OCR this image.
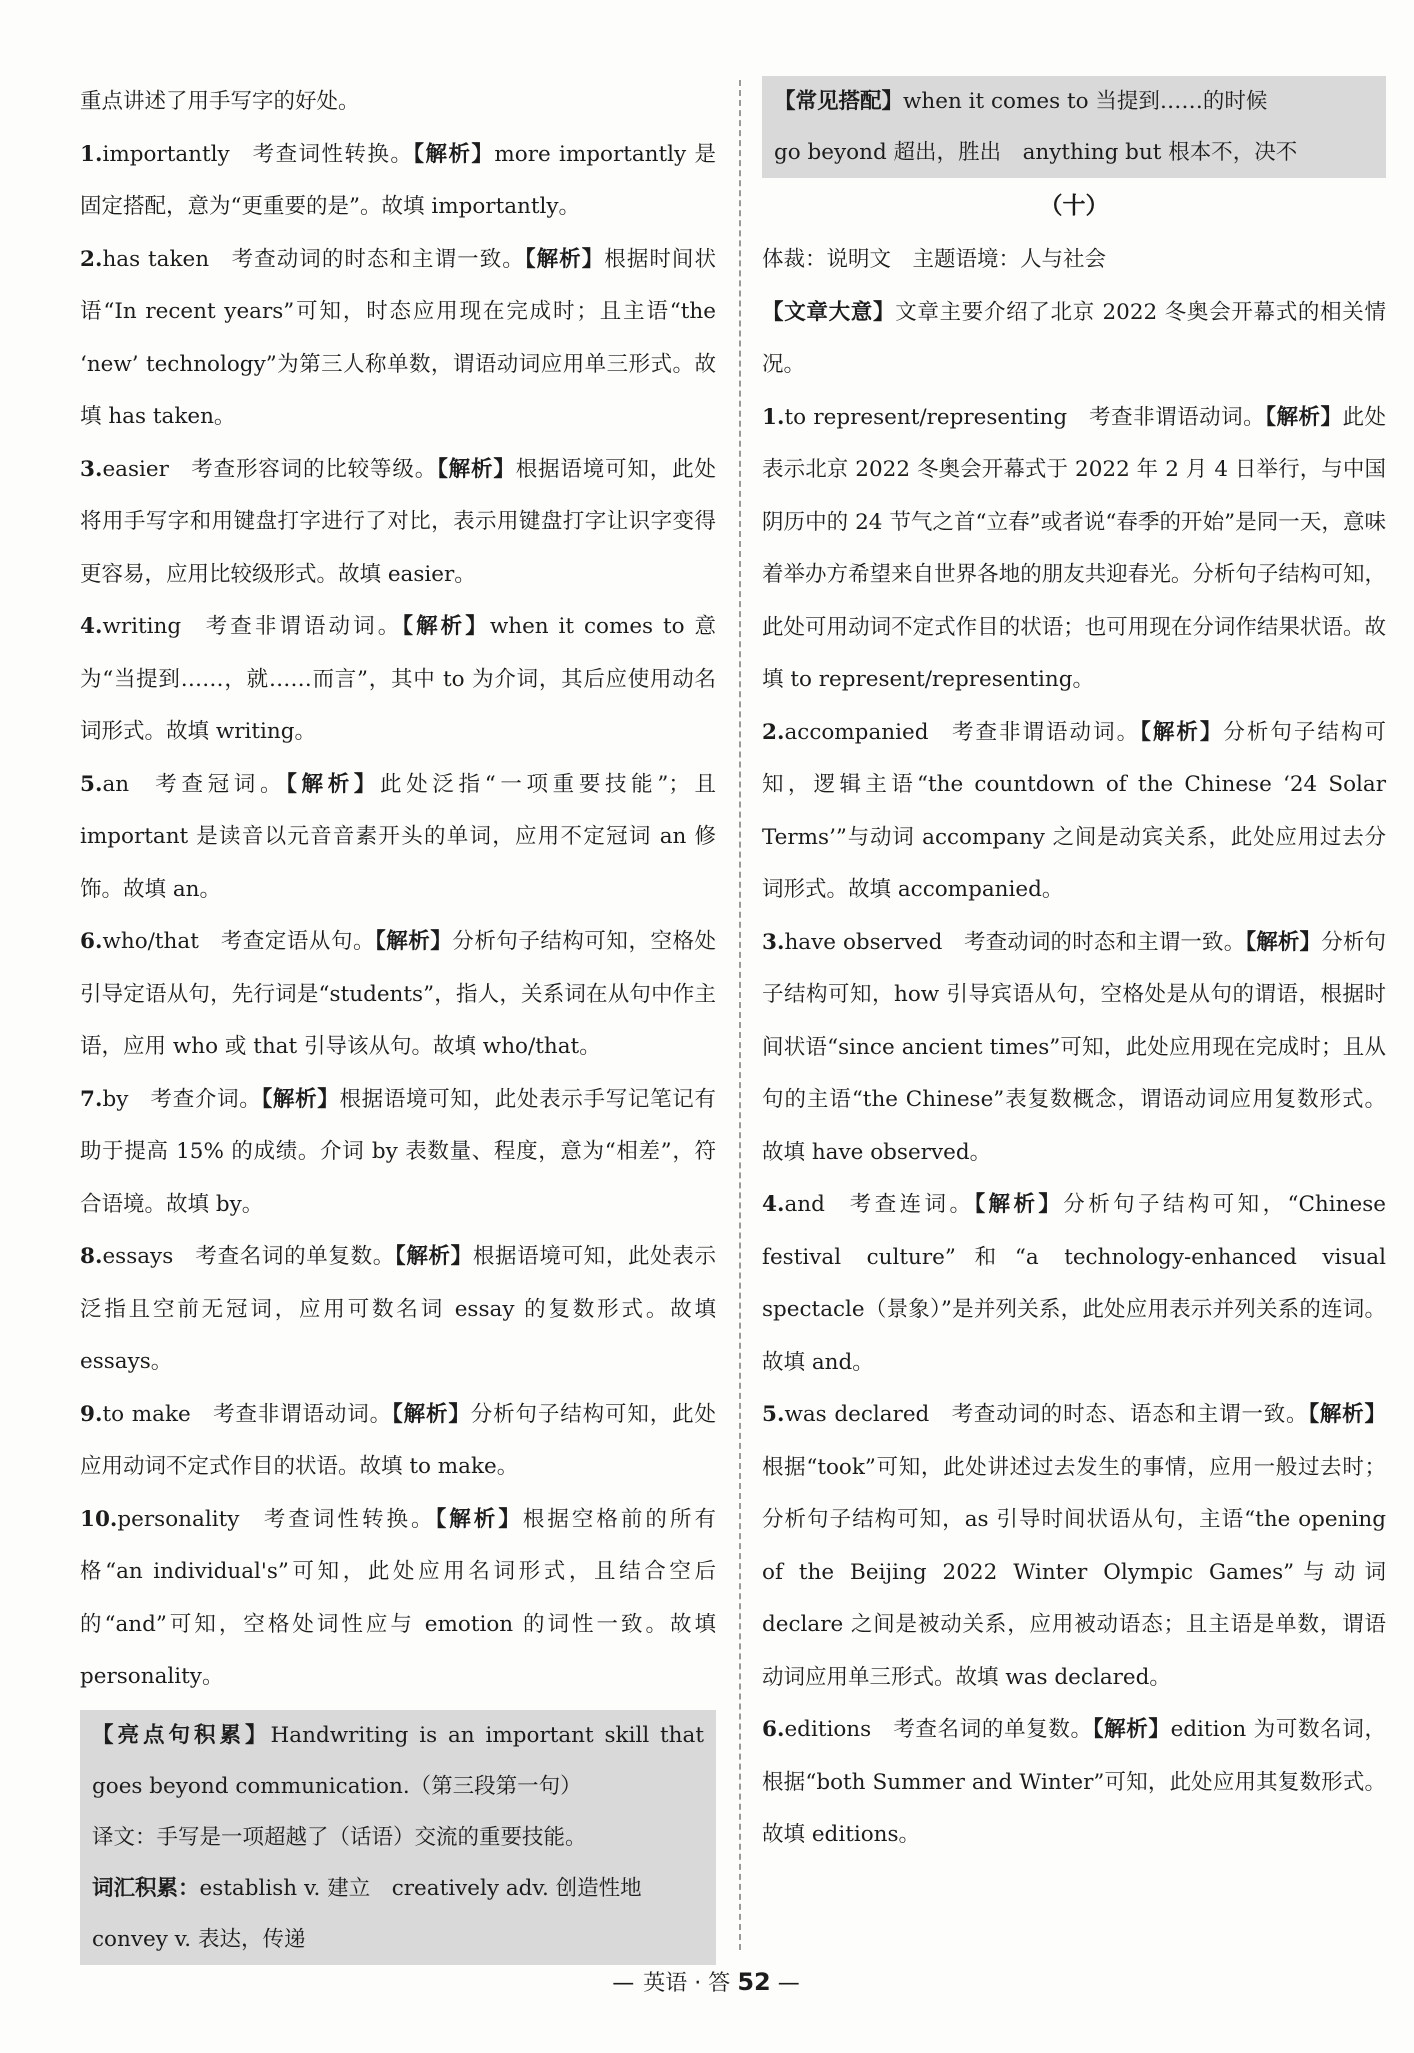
重点讲述了用手写字的好处。

1.importantly  考查词性转换。【解析】more importantly 是固定搭配，意为“更重要的是”。故填 importantly。

2.has taken  考查动词的时态和主谓一致。【解析】根据时间状语“In recent years”可知，时态应用现在完成时；且主语“the ‘new’ technology”为第三人称单数，谓语动词应用单三形式。故填 has taken。

3.easier  考查形容词的比较等级。【解析】根据语境可知，此处将用手写字和用键盘打字进行了对比，表示用键盘打字让识字变得更容易，应用比较级形式。故填 easier。

4.writing  考查非谓语动词。【解析】when it comes to 意为“当提到……，就……而言”，其中 to 为介词，其后应使用动名词形式。故填 writing。

5.an  考查冠词。【解析】此处泛指“一项重要技能”；且 important 是读音以元音音素开头的单词，应用不定冠词 an 修饰。故填 an。

6.who/that  考查定语从句。【解析】分析句子结构可知，空格处引导定语从句，先行词是“students”，指人，关系词在从句中作主语，应用 who 或 that 引导该从句。故填 who/that。

7.by  考查介词。【解析】根据语境可知，此处表示手写记笔记有助于提高 15% 的成绩。介词 by 表数量、程度，意为“相差”，符合语境。故填 by。

8.essays  考查名词的单复数。【解析】根据语境可知，此处表示泛指且空前无冠词，应用可数名词 essay 的复数形式。故填 essays。

9.to make  考查非谓语动词。【解析】分析句子结构可知，此处应用动词不定式作目的状语。故填 to make。

10.personality  考查词性转换。【解析】根据空格前的所有格“an individual's”可知，此处应用名词形式，且结合空后的“and”可知，空格处词性应与 emotion 的词性一致。故填 personality。

【亮点句积累】Handwriting is an important skill that goes beyond communication.（第三段第一句）

译文：手写是一项超越了（话语）交流的重要技能。

词汇积累：establish v. 建立　creatively adv. 创造性地

convey v. 表达，传递

【常见搭配】when it comes to 当提到……的时候

go beyond 超出，胜出　anything but 根本不，决不

（十）

体裁：说明文　主题语境：人与社会

【文章大意】文章主要介绍了北京 2022 冬奥会开幕式的相关情况。

1.to represent/representing  考查非谓语动词。【解析】此处表示北京 2022 冬奥会开幕式于 2022 年 2 月 4 日举行，与中国阴历中的 24 节气之首“立春”或者说“春季的开始”是同一天，意味着举办方希望来自世界各地的朋友共迎春光。分析句子结构可知，此处可用动词不定式作目的状语；也可用现在分词作结果状语。故填 to represent/representing。

2.accompanied  考查非谓语动词。【解析】分析句子结构可知，逻辑主语“the countdown of the Chinese ‘24 Solar Terms’”与动词 accompany 之间是动宾关系，此处应用过去分词形式。故填 accompanied。

3.have observed  考查动词的时态和主谓一致。【解析】分析句子结构可知，how 引导宾语从句，空格处是从句的谓语，根据时间状语“since ancient times”可知，此处应用现在完成时；且从句的主语“the Chinese”表复数概念，谓语动词应用复数形式。故填 have observed。

4.and  考查连词。【解析】分析句子结构可知，“Chinese festival culture”和“a technology-enhanced visual spectacle（景象）”是并列关系，此处应用表示并列关系的连词。故填 and。

5.was declared  考查动词的时态、语态和主谓一致。【解析】根据“took”可知，此处讲述过去发生的事情，应用一般过去时；分析句子结构可知，as 引导时间状语从句，主语“the opening of the Beijing 2022 Winter Olympic Games”与动词 declare 之间是被动关系，应用被动语态；且主语是单数，谓语动词应用单三形式。故填 was declared。

6.editions  考查名词的单复数。【解析】edition 为可数名词，根据“both Summer and Winter”可知，此处应用其复数形式。故填 editions。

— 英语 · 答 52 —
